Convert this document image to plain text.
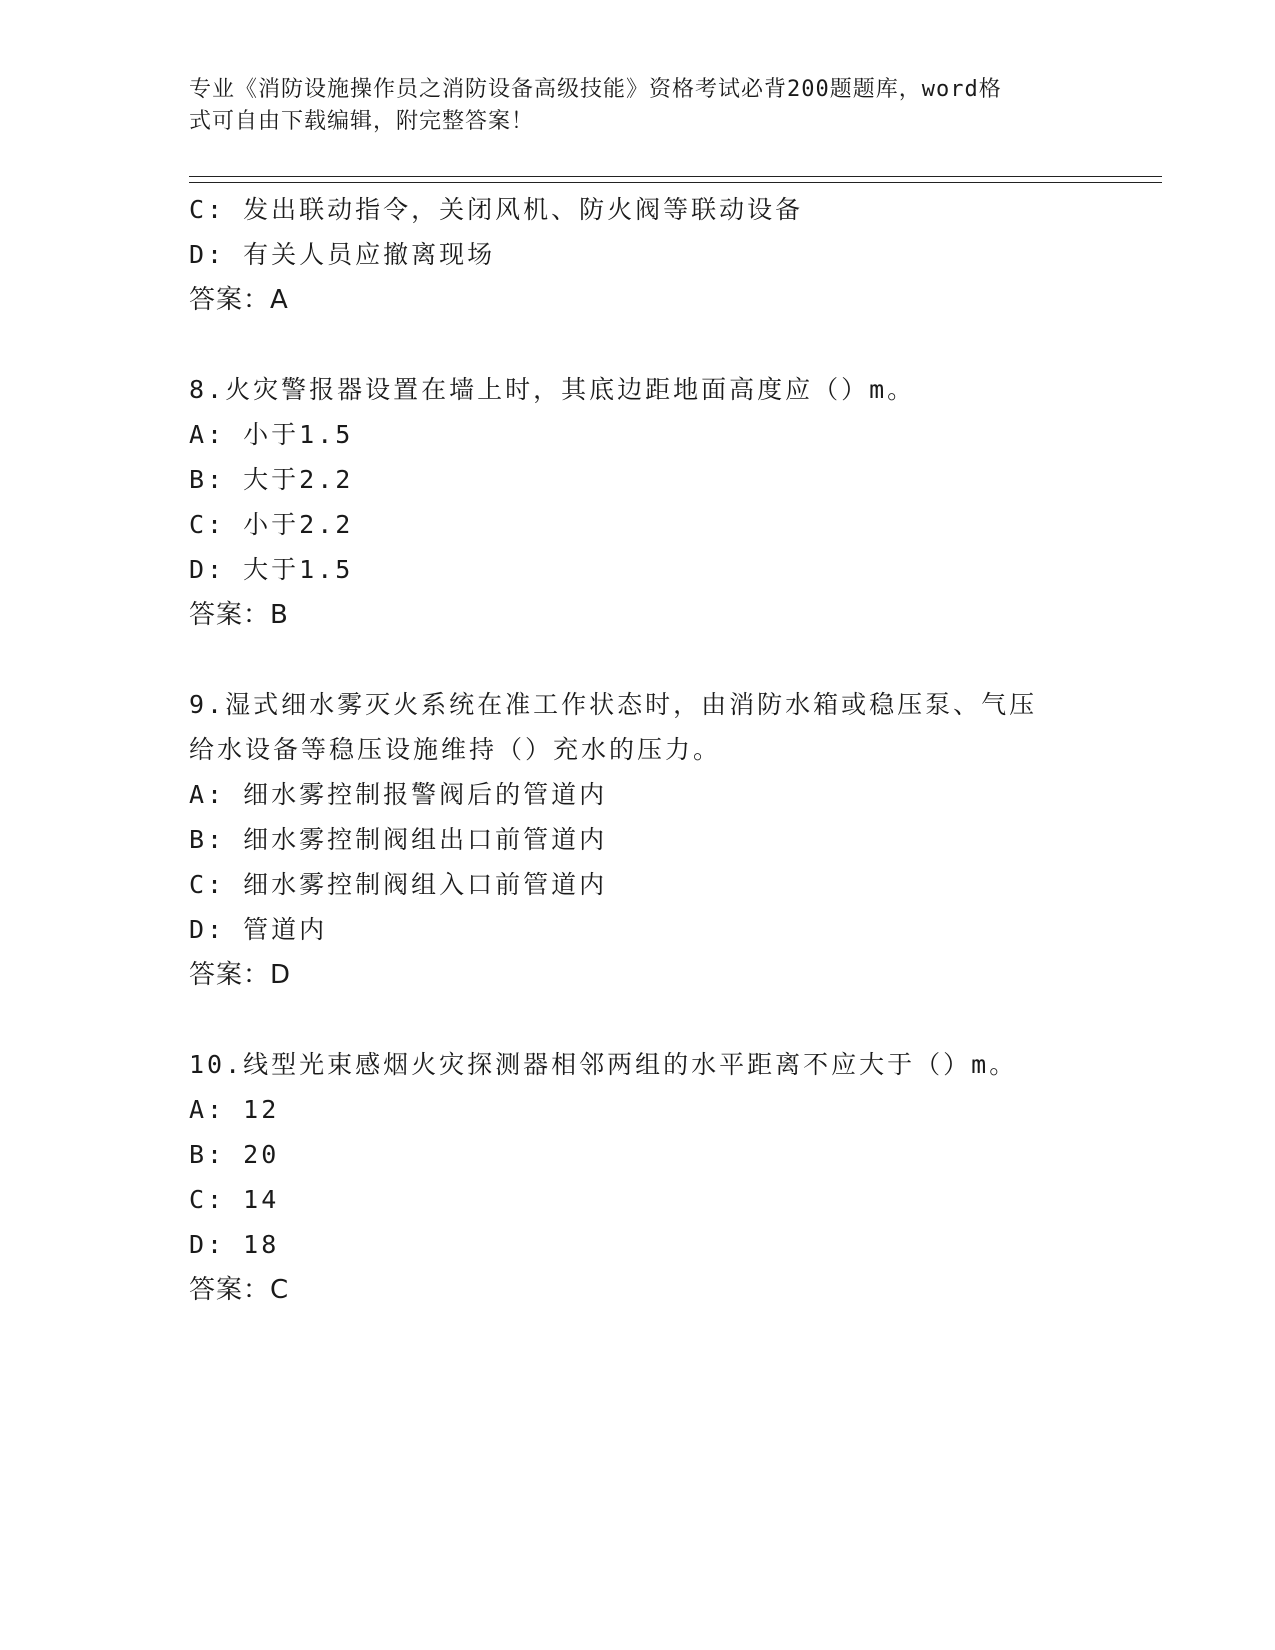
专业《消防设施操作员之消防设备高级技能》资格考试必背200题题库，word格
式可自由下载编辑，附完整答案！
C: 发出联动指令，关闭风机、防火阀等联动设备
D: 有关人员应撤离现场
答案：A
8.火灾警报器设置在墙上时，其底边距地面高度应（）m。
A: 小于1.5
B: 大于2.2
C: 小于2.2
D: 大于1.5
答案：B
9.湿式细水雾灭火系统在准工作状态时，由消防水箱或稳压泵、气压
给水设备等稳压设施维持（）充水的压力。
A: 细水雾控制报警阀后的管道内
B: 细水雾控制阀组出口前管道内
C: 细水雾控制阀组入口前管道内
D: 管道内
答案：D
10.线型光束感烟火灾探测器相邻两组的水平距离不应大于（）m。
A: 12
B: 20
C: 14
D: 18
答案：C
